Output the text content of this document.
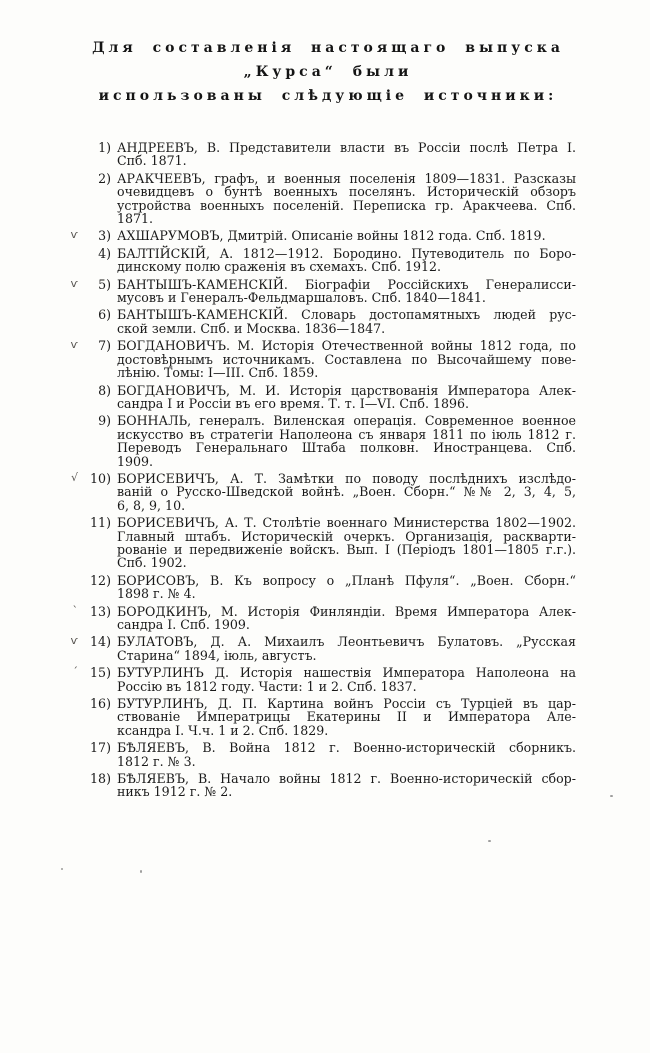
Для составленія настоящаго выпуска „Курса“ были
использованы слѣдующіе источники:
1) АНДРЕЕВЪ, В. Представители власти въ Россіи послѣ Петра I.
Спб. 1871.
2) АРАКЧЕЕВЪ, графъ, и военныя поселенія 1809—1831. Разсказы
очевидцевъ о бунтѣ военныхъ поселянъ. Историческій обзоръ
устройства военныхъ поселеній. Переписка гр. Аракчеева. Спб.
1871.
ѵ	3) АХШАРУМОВЪ, Дмитрій. Описаніе войны 1812 года. Спб. 1819.
4) БАЛТІЙСКІЙ, А. 1812—1912. Бородино. Путеводитель по Боро-
динскому полю сраженія въ схемахъ. Спб. 1912.
ѵ	5) БАНТЫШЪ-КАМЕНСКІЙ. Біографіи Россійскихъ Генералисси-
мусовъ и Генералъ-Фельдмаршаловъ. Спб. 1840—1841.
6) БАНТЫШЪ-КАМЕНСКІЙ. Словарь достопамятныхъ людей рус-
ской земли. Спб. и Москва. 1836—1847.
ѵ	7) БОГДАНОВИЧЪ. М. Исторія Отечественной войны 1812 года, по
достовѣрнымъ источникамъ. Составлена по Высочайшему пове-
лѣнію. Томы: I—III. Спб. 1859.
8) БОГДАНОВИЧЪ, М. И. Исторія царствованія Императора Алек-
сандра I и Россіи въ его время. Т. т. I—VI. Спб. 1896.
9) БОННАЛЬ, генералъ. Виленская операція. Современное военное
искусство въ стратегіи Наполеона съ января 1811 по іюль 1812 г.
Переводъ Генеральнаго Штаба полковн. Иностранцева. Спб.
1909.
√ 10) БОРИСЕВИЧЪ, А. Т. Замѣтки по поводу послѣднихъ изслѣдо-
ваній о Русско-Шведской войнѣ. „Воен. Сборн.“ №№ 2, 3, 4, 5,
6, 8, 9, 10.
11) БОРИСЕВИЧЪ, А. Т. Столѣтіе военнаго Министерства 1802—1902.
Главный штабъ. Историческій очеркъ. Организація, раскварти-
рованіе и передвиженіе войскъ. Вып. I (Періодъ 1801—1805 г.г.).
Спб. 1902.
12) БОРИСОВЪ, В. Къ вопросу о „Планѣ Пфуля“. „Воен. Сборн.“
1898 г. № 4.
ˋ 13) БОРОДКИНЪ, М. Исторія Финляндіи. Время Императора Алек-
сандра I. Спб. 1909.
ѵ 14) БУЛАТОВЪ, Д. А. Михаилъ Леонтьевичъ Булатовъ. „Русская
Старина“ 1894, іюль, августъ.
ˊ 15) БУТУРЛИНЪ Д. Исторія нашествія Императора Наполеона на
Россію въ 1812 году. Части: 1 и 2. Спб. 1837.
16) БУТУРЛИНЪ, Д. П. Картина войнъ Россіи съ Турціей въ цар-
ствованіе Императрицы Екатерины II и Императора Але-
ксандра I. Ч.ч. 1 и 2. Спб. 1829.
17) БѢЛЯЕВЪ, В. Война 1812 г. Военно-историческій сборникъ.
1812 г. № 3.
18) БѢЛЯЕВЪ, В. Начало войны 1812 г. Военно-историческій сбор-
никъ 1912 г. № 2.
